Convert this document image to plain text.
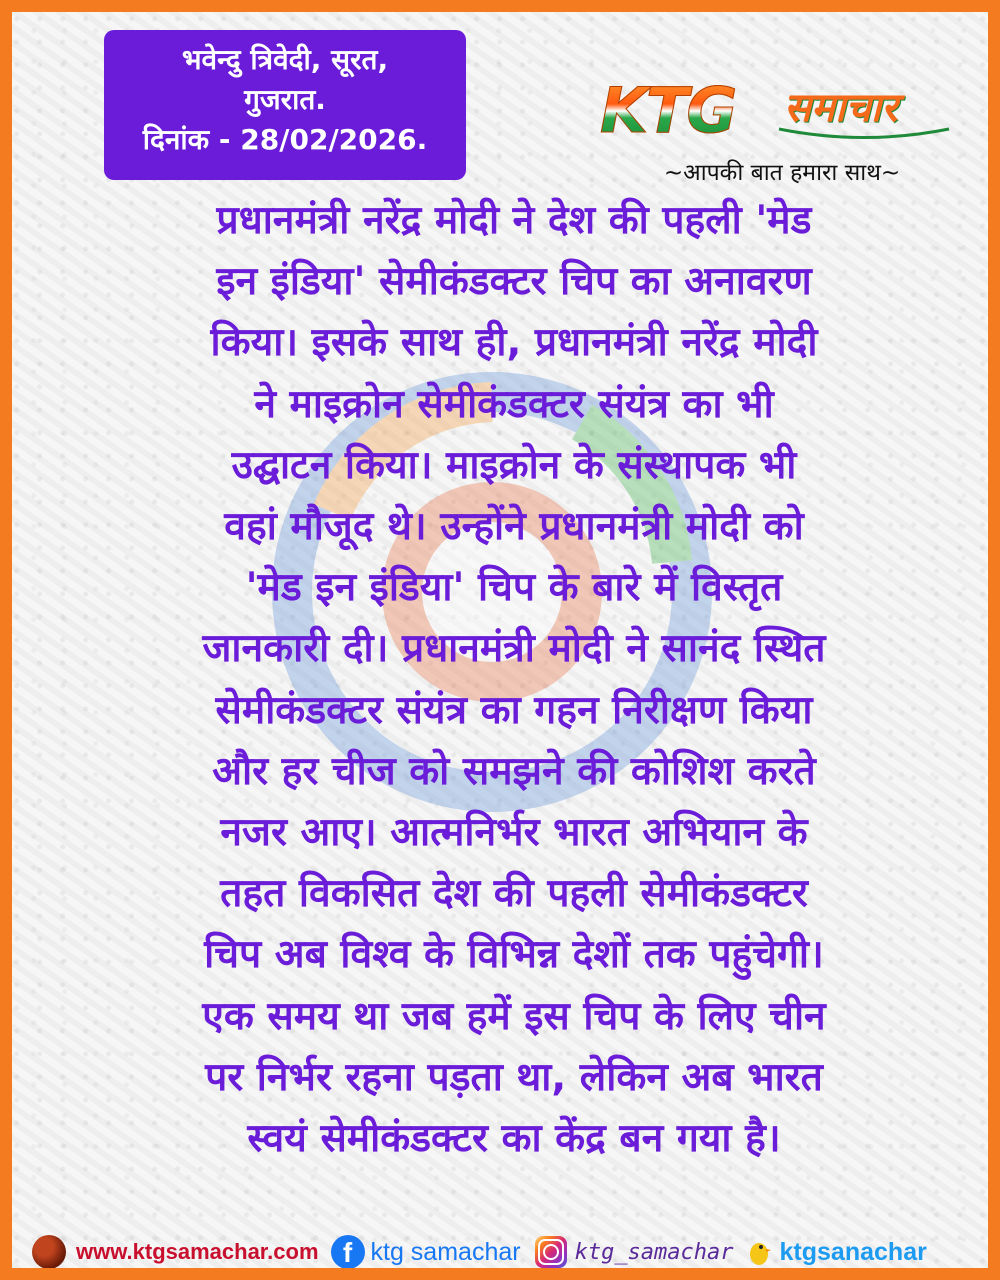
भवेन्दु त्रिवेदी, सूरत,
गुजरात.
दिनांक - 28/02/2026.	KTG समाचार
~आपकी बात हमारा साथ~
प्रधानमंत्री नरेंद्र मोदी ने देश की पहली 'मेड
इन इंडिया' सेमीकंडक्टर चिप का अनावरण
किया। इसके साथ ही, प्रधानमंत्री नरेंद्र मोदी
ने माइक्रोन सेमीकंडक्टर संयंत्र का भी
उद्घाटन किया। माइक्रोन के संस्थापक भी
वहां मौजूद थे। उन्होंने प्रधानमंत्री मोदी को
'मेड इन इंडिया' चिप के बारे में विस्तृत
जानकारी दी। प्रधानमंत्री मोदी ने सानंद स्थित
सेमीकंडक्टर संयंत्र का गहन निरीक्षण किया
और हर चीज को समझने की कोशिश करते
नजर आए। आत्मनिर्भर भारत अभियान के
तहत विकसित देश की पहली सेमीकंडक्टर
चिप अब विश्व के विभिन्न देशों तक पहुंचेगी।
एक समय था जब हमें इस चिप के लिए चीन
पर निर्भर रहना पड़ता था, लेकिन अब भारत
स्वयं सेमीकंडक्टर का केंद्र बन गया है।
www.ktgsamachar.com f ktg samachar ktg_samachar ktgsanachar
